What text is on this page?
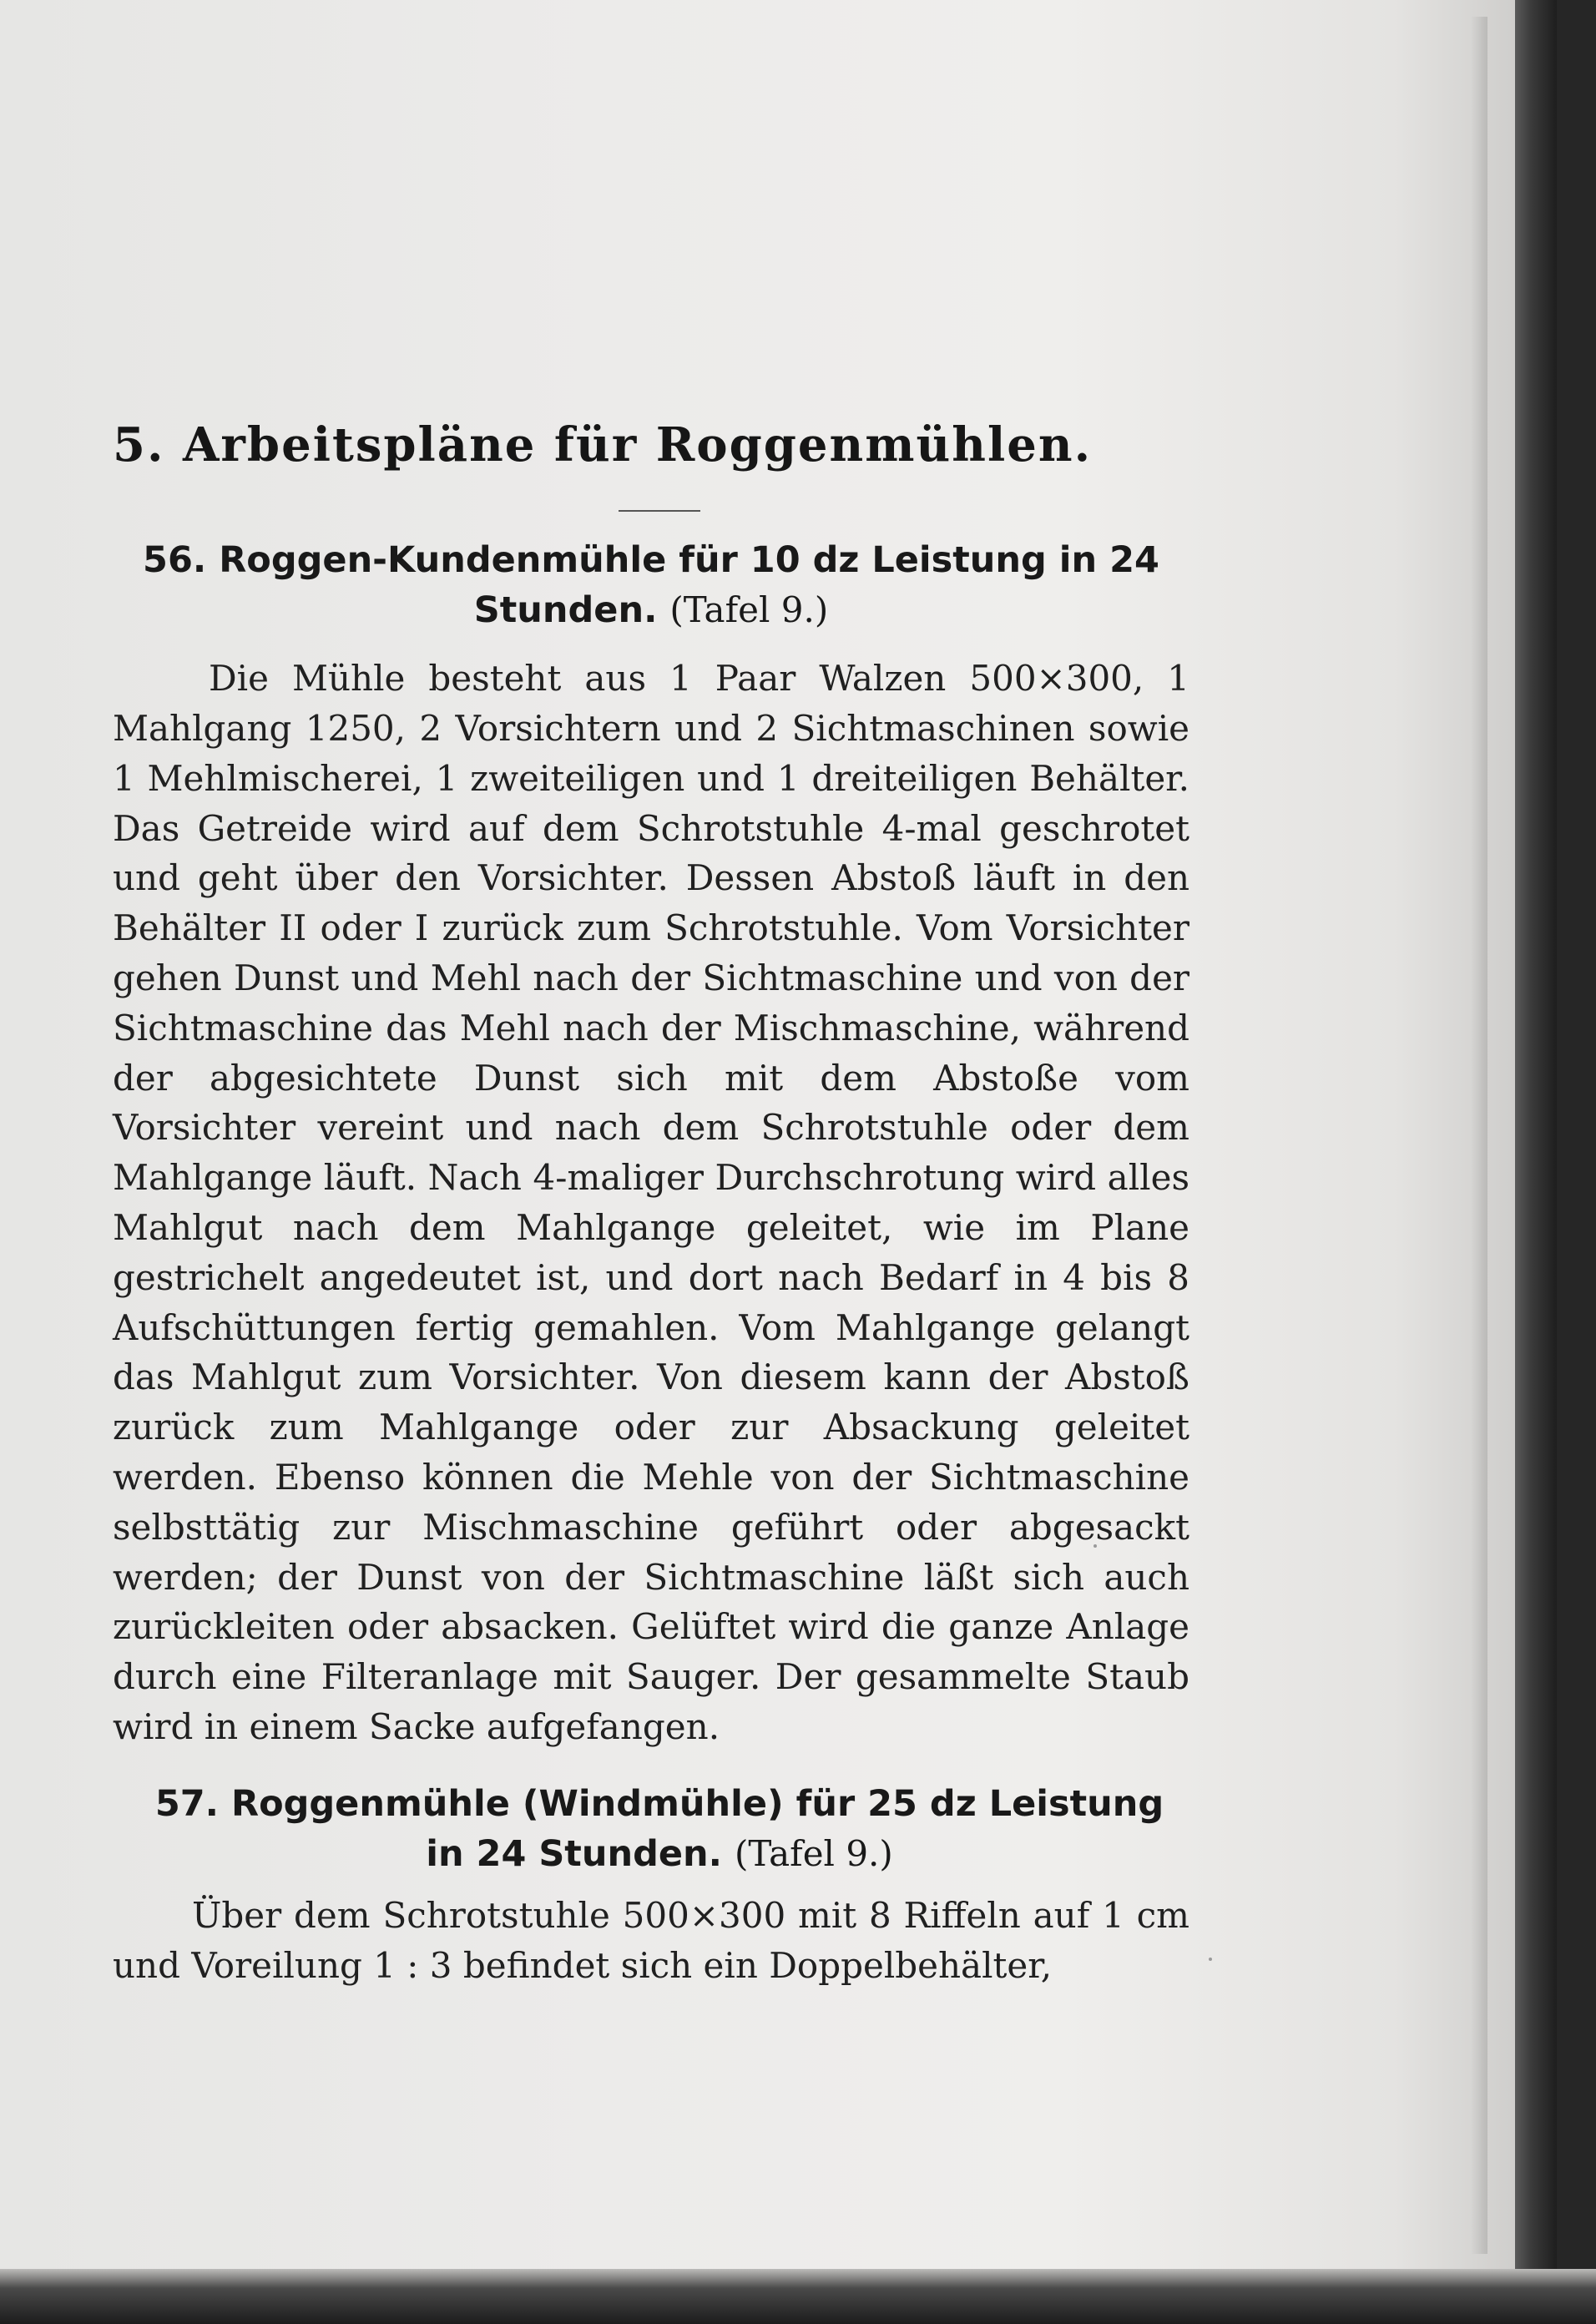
5. Arbeitspläne für Roggenmühlen.
56. Roggen-Kundenmühle für 10 dz Leistung in 24 Stunden. (Tafel 9.)

Die Mühle besteht aus 1 Paar Walzen 500×300, 1 Mahlgang 1250, 2 Vorsichtern und 2 Sichtmaschinen sowie 1 Mehlmischerei, 1 zweiteiligen und 1 dreiteiligen Behälter. Das Getreide wird auf dem Schrotstuhle 4-mal geschrotet und geht über den Vorsichter. Dessen Abstoß läuft in den Behälter II oder I zurück zum Schrotstuhle. Vom Vorsichter gehen Dunst und Mehl nach der Sichtmaschine und von der Sichtmaschine das Mehl nach der Mischmaschine, während der abgesichtete Dunst sich mit dem Abstoße vom Vorsichter vereint und nach dem Schrotstuhle oder dem Mahlgange läuft. Nach 4-maliger Durchschrotung wird alles Mahlgut nach dem Mahlgange geleitet, wie im Plane gestrichelt angedeutet ist, und dort nach Bedarf in 4 bis 8 Aufschüttungen fertig gemahlen. Vom Mahlgange gelangt das Mahlgut zum Vorsichter. Von diesem kann der Abstoß zurück zum Mahlgange oder zur Absackung geleitet werden. Ebenso können die Mehle von der Sichtmaschine selbsttätig zur Mischmaschine geführt oder abgesackt werden; der Dunst von der Sichtmaschine läßt sich auch zurückleiten oder absacken. Gelüftet wird die ganze Anlage durch eine Filteranlage mit Sauger. Der gesammelte Staub wird in einem Sacke aufgefangen.

57. Roggenmühle (Windmühle) für 25 dz Leistung in 24 Stunden. (Tafel 9.)

Über dem Schrotstuhle 500×300 mit 8 Riffeln auf 1 cm und Voreilung 1 : 3 befindet sich ein Doppelbehälter,
